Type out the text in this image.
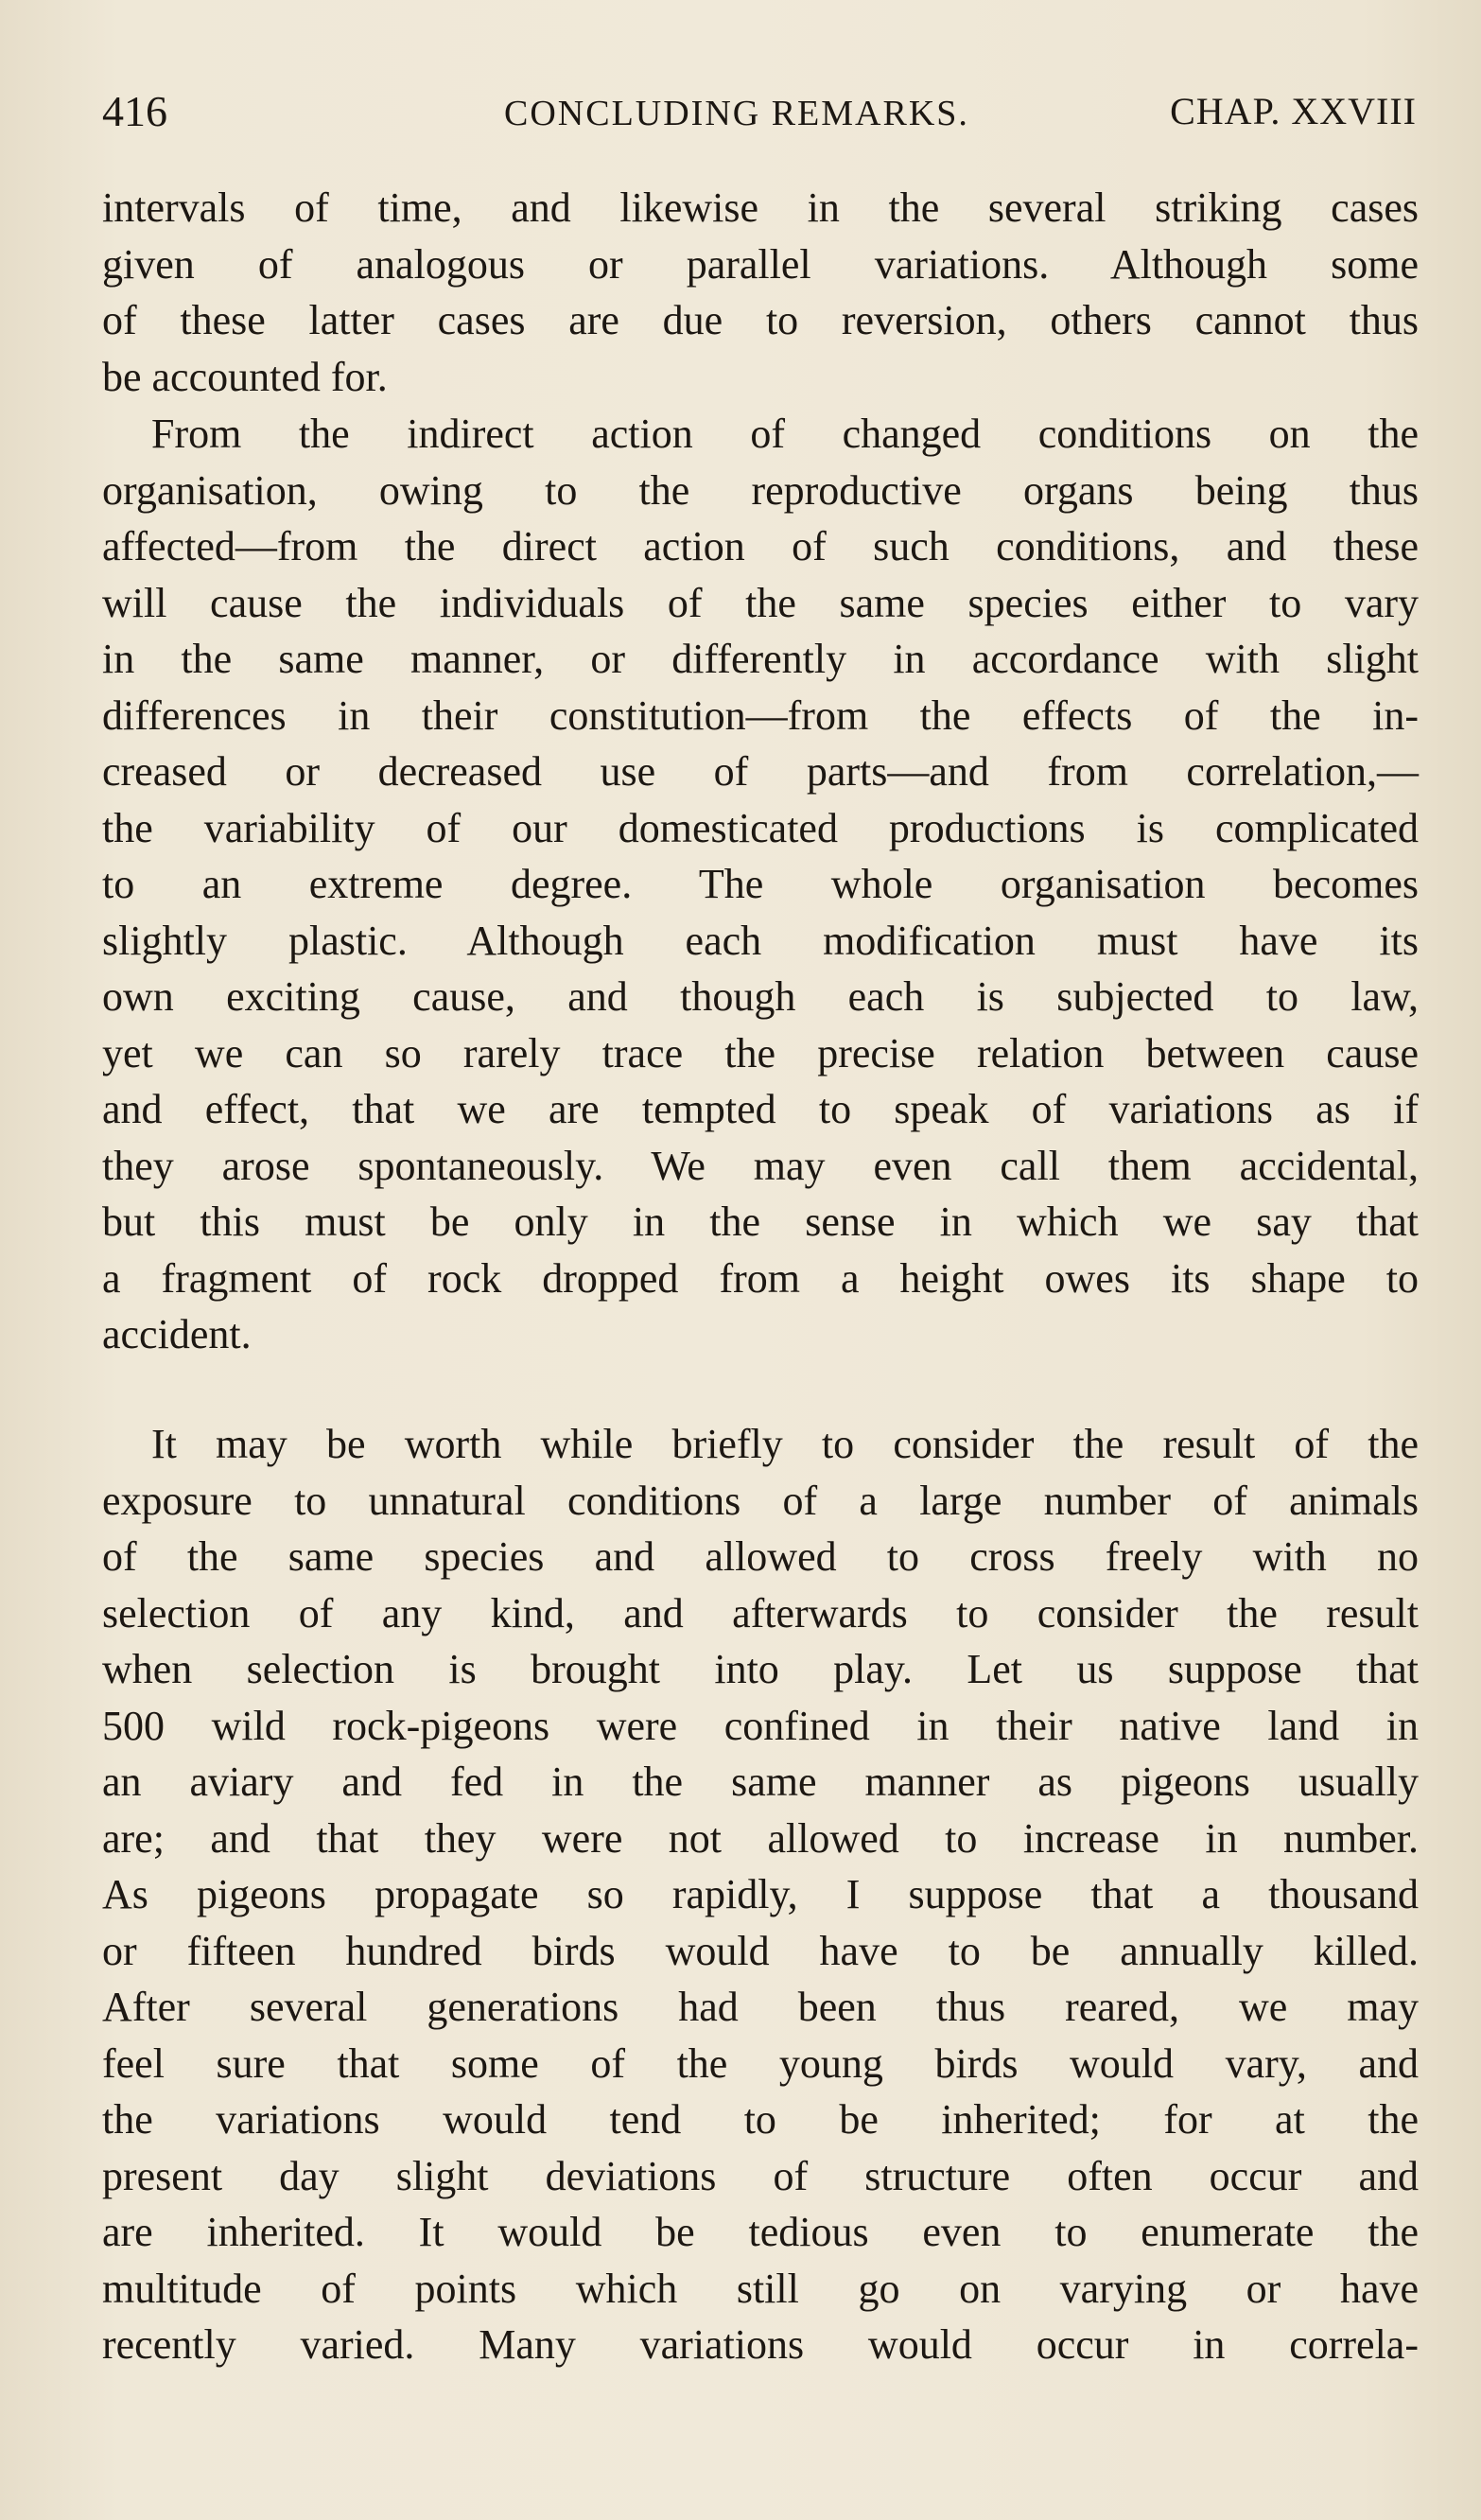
416	CONCLUDING REMARKS.	CHAP. XXVIII
intervals of time, and likewise in the several striking cases
given of analogous or parallel variations. Although some
of these latter cases are due to reversion, others cannot thus
be accounted for.
From the indirect action of changed conditions on the
organisation, owing to the reproductive organs being thus
affected—from the direct action of such conditions, and these
will cause the individuals of the same species either to vary
in the same manner, or differently in accordance with slight
differences in their constitution—from the effects of the in-
creased or decreased use of parts—and from correlation,—
the variability of our domesticated productions is complicated
to an extreme degree. The whole organisation becomes
slightly plastic. Although each modification must have its
own exciting cause, and though each is subjected to law,
yet we can so rarely trace the precise relation between cause
and effect, that we are tempted to speak of variations as if
they arose spontaneously. We may even call them accidental,
but this must be only in the sense in which we say that
a fragment of rock dropped from a height owes its shape to
accident.
It may be worth while briefly to consider the result of the
exposure to unnatural conditions of a large number of animals
of the same species and allowed to cross freely with no
selection of any kind, and afterwards to consider the result
when selection is brought into play. Let us suppose that
500 wild rock-pigeons were confined in their native land in
an aviary and fed in the same manner as pigeons usually
are; and that they were not allowed to increase in number.
As pigeons propagate so rapidly, I suppose that a thousand
or fifteen hundred birds would have to be annually killed.
After several generations had been thus reared, we may
feel sure that some of the young birds would vary, and
the variations would tend to be inherited; for at the
present day slight deviations of structure often occur and
are inherited. It would be tedious even to enumerate the
multitude of points which still go on varying or have
recently varied. Many variations would occur in correla-
